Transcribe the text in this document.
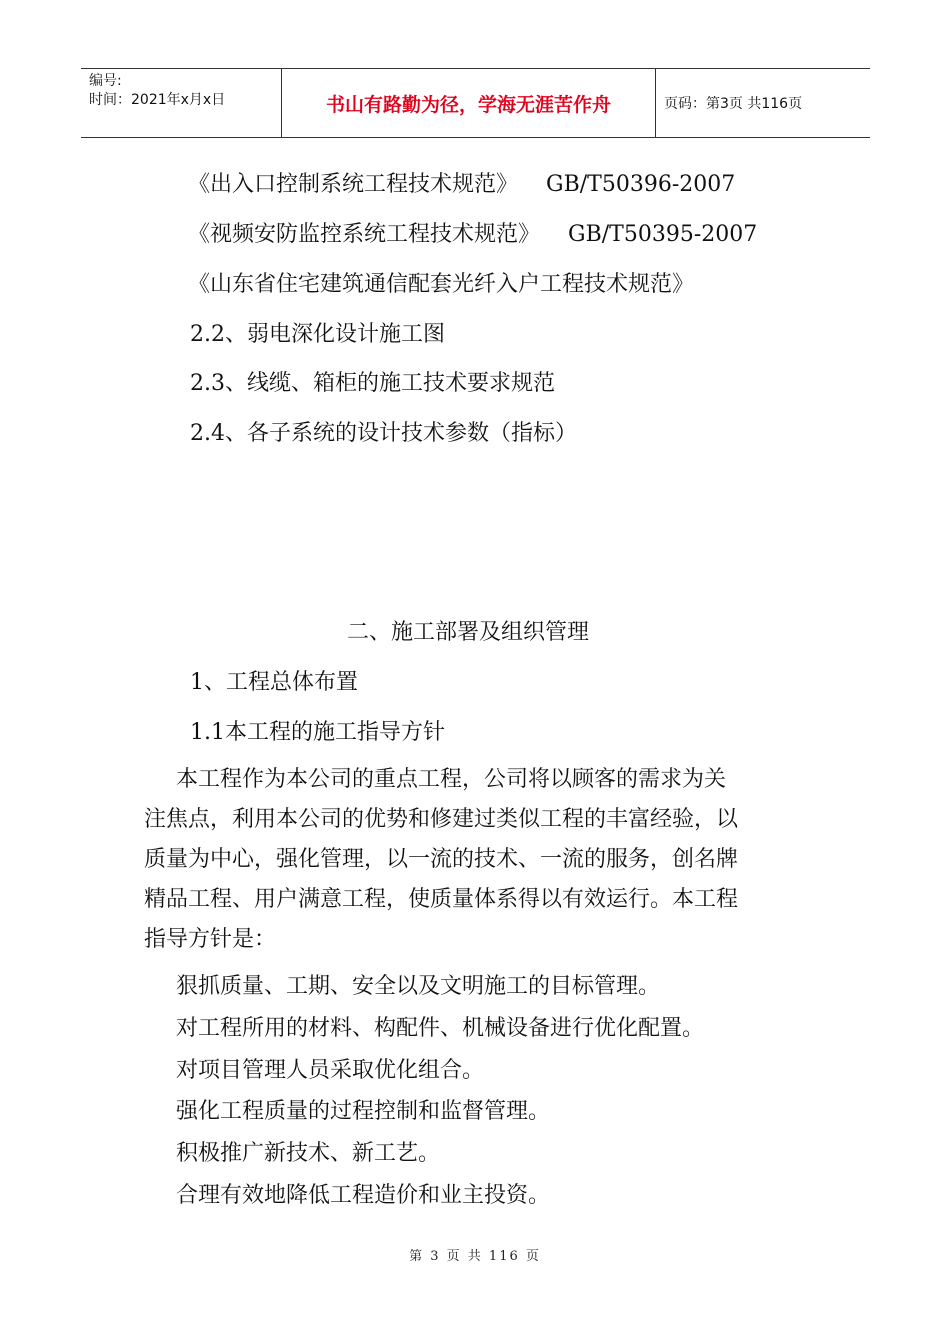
编号:
时间：2021年x月x日	书山有路勤为径，学海无涯苦作舟	页码：第3页 共116页
《出入口控制系统工程技术规范》 GB/T50396-2007
《视频安防监控系统工程技术规范》 GB/T50395-2007
《山东省住宅建筑通信配套光纤入户工程技术规范》
2.2、弱电深化设计施工图
2.3、线缆、箱柜的施工技术要求规范
2.4、各子系统的设计技术参数（指标）
二、施工部署及组织管理
1、工程总体布置
1.1本工程的施工指导方针

本工程作为本公司的重点工程，公司将以顾客的需求为关

注焦点，利用本公司的优势和修建过类似工程的丰富经验，以

质量为中心，强化管理，以一流的技术、一流的服务，创名牌

精品工程、用户满意工程，使质量体系得以有效运行。本工程

指导方针是：

狠抓质量、工期、安全以及文明施工的目标管理。
对工程所用的材料、构配件、机械设备进行优化配置。
对项目管理人员采取优化组合。
强化工程质量的过程控制和监督管理。
积极推广新技术、新工艺。
合理有效地降低工程造价和业主投资。
第 3 页 共 116 页
